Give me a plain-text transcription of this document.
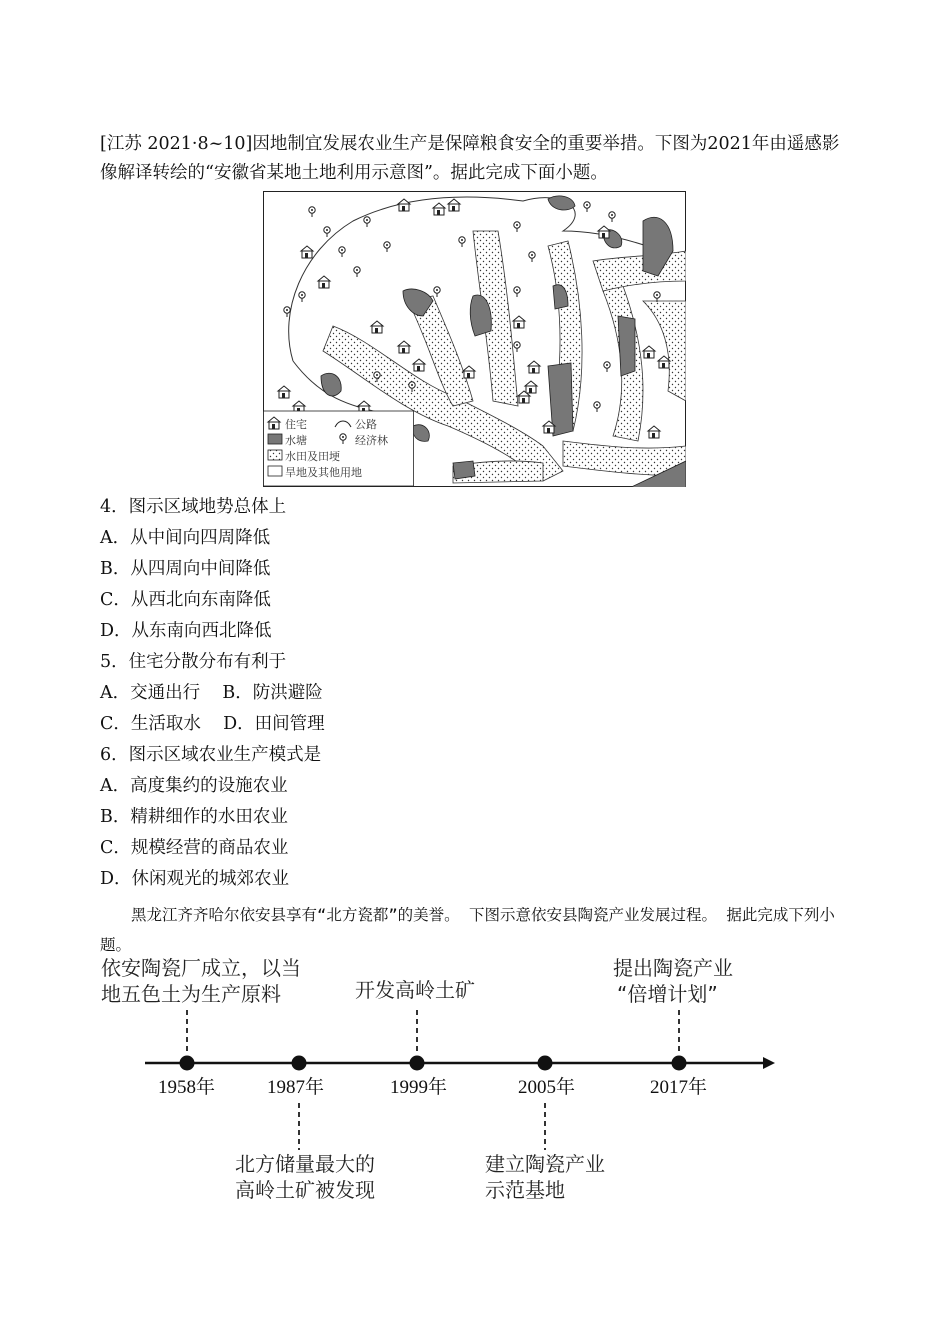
[江苏 2021·8~10]因地制宜发展农业生产是保障粮食安全的重要举措。下图为2021年由遥感影像解译转绘的“安徽省某地土地利用示意图”。据此完成下面小题。

住宅	公路
水塘	经济林
水田及田埂
旱地及其他用地

4．图示区域地势总体上

A．从中间向四周降低

B．从四周向中间降低

C．从西北向东南降低

D．从东南向西北降低

5．住宅分散分布有利于

A．交通出行    B．防洪避险

C．生活取水    D．田间管理

6．图示区域农业生产模式是

A．高度集约的设施农业

B．精耕细作的水田农业

C．规模经营的商品农业

D．休闲观光的城郊农业

黑龙江齐齐哈尔依安县享有“北方瓷都”的美誉。 下图示意依安县陶瓷产业发展过程。 据此完成下列小题。

依安陶瓷厂成立，以当
地五色土为生产原料
1958年	1987年
北方储量最大的
高岭土矿被发现
开发高岭土矿
1999年	2005年
建立陶瓷产业
示范基地
提出陶瓷产业
“倍增计划”
2017年
